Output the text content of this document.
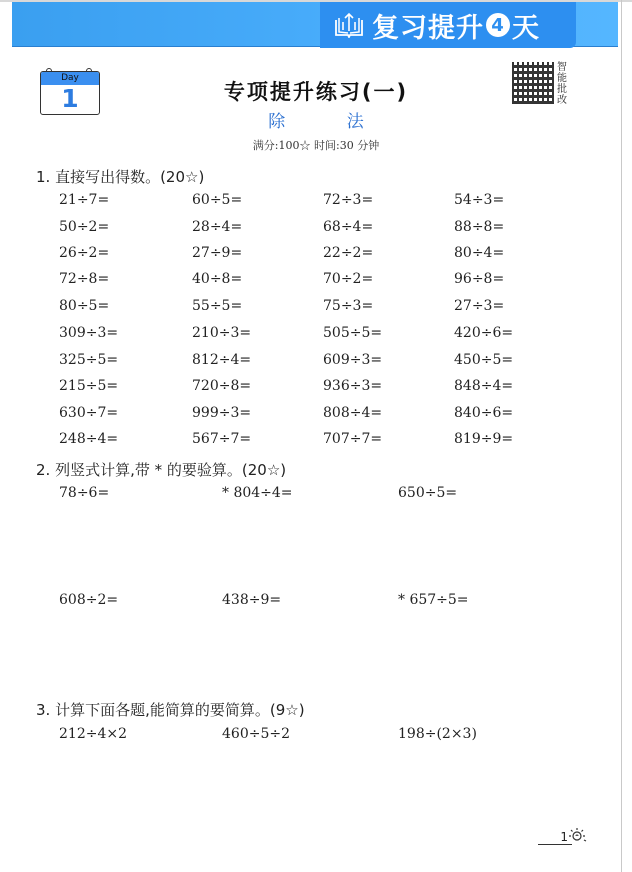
复习提升 4 天
Day
1	专项提升练习(一)
除 法
满分:100☆ 时间:30 分钟
智能批改
1. 直接写出得数。(20☆)
21÷7=	60÷5=	72÷3=	54÷3=
50÷2=	28÷4=	68÷4=	88÷8=
26÷2=	27÷9=	22÷2=	80÷4=
72÷8=	40÷8=	70÷2=	96÷8=
80÷5=	55÷5=	75÷3=	27÷3=
309÷3=	210÷3=	505÷5=	420÷6=
325÷5=	812÷4=	609÷3=	450÷5=
215÷5=	720÷8=	936÷3=	848÷4=
630÷7=	999÷3=	808÷4=	840÷6=
248÷4=	567÷7=	707÷7=	819÷9=
2. 列竖式计算,带 * 的要验算。(20☆)
78÷6=	* 804÷4=	650÷5=
608÷2=	438÷9=	* 657÷5=
3. 计算下面各题,能简算的要简算。(9☆)
212÷4×2	460÷5÷2	198÷(2×3)
1
